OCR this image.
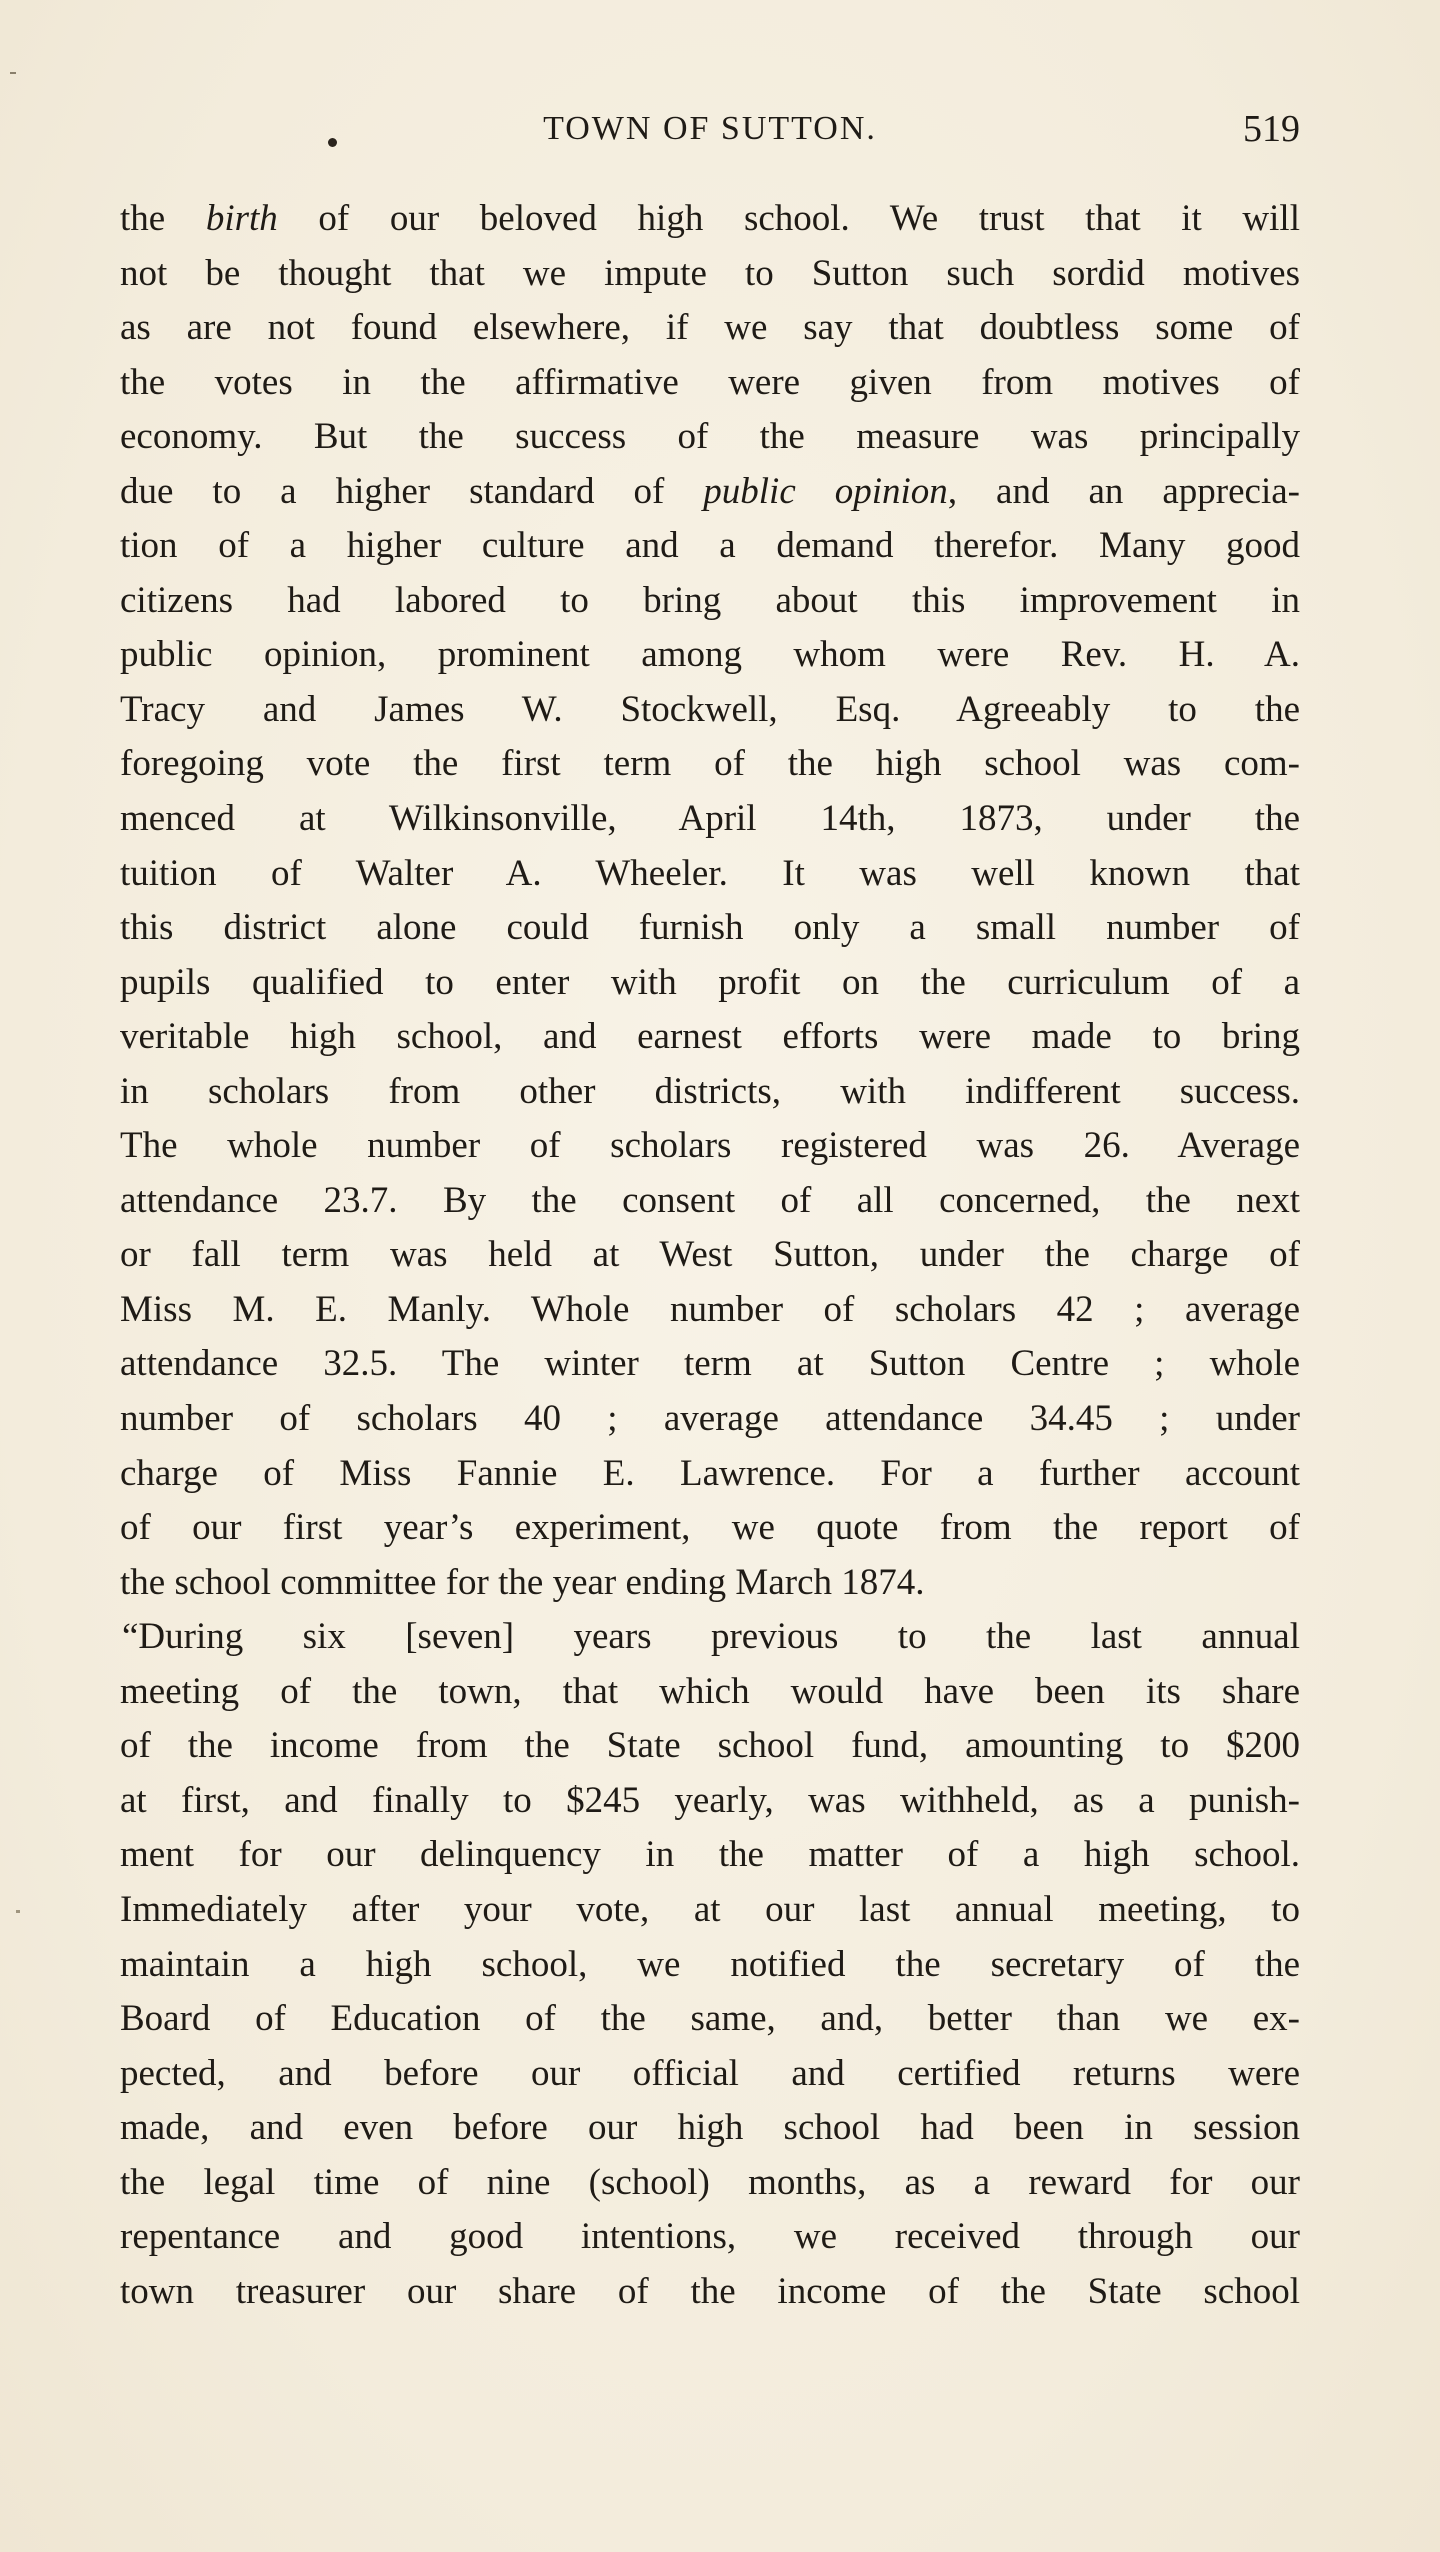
TOWN OF SUTTON.	519
the birth of our beloved high school. We trust that it will
not be thought that we impute to Sutton such sordid motives
as are not found elsewhere, if we say that doubtless some of
the votes in the affirmative were given from motives of
economy. But the success of the measure was principally
due to a higher standard of public opinion, and an apprecia-
tion of a higher culture and a demand therefor. Many good
citizens had labored to bring about this improvement in
public opinion, prominent among whom were Rev. H. A.
Tracy and James W. Stockwell, Esq. Agreeably to the
foregoing vote the first term of the high school was com-
menced at Wilkinsonville, April 14th, 1873, under the
tuition of Walter A. Wheeler. It was well known that
this district alone could furnish only a small number of
pupils qualified to enter with profit on the curriculum of a
veritable high school, and earnest efforts were made to bring
in scholars from other districts, with indifferent success.
The whole number of scholars registered was 26. Average
attendance 23.7. By the consent of all concerned, the next
or fall term was held at West Sutton, under the charge of
Miss M. E. Manly. Whole number of scholars 42 ; average
attendance 32.5. The winter term at Sutton Centre ; whole
number of scholars 40 ; average attendance 34.45 ; under
charge of Miss Fannie E. Lawrence. For a further account
of our first year’s experiment, we quote from the report of
the school committee for the year ending March 1874.
“During six [seven] years previous to the last annual
meeting of the town, that which would have been its share
of the income from the State school fund, amounting to $200
at first, and finally to $245 yearly, was withheld, as a punish-
ment for our delinquency in the matter of a high school.
Immediately after your vote, at our last annual meeting, to
maintain a high school, we notified the secretary of the
Board of Education of the same, and, better than we ex-
pected, and before our official and certified returns were
made, and even before our high school had been in session
the legal time of nine (school) months, as a reward for our
repentance and good intentions, we received through our
town treasurer our share of the income of the State school
